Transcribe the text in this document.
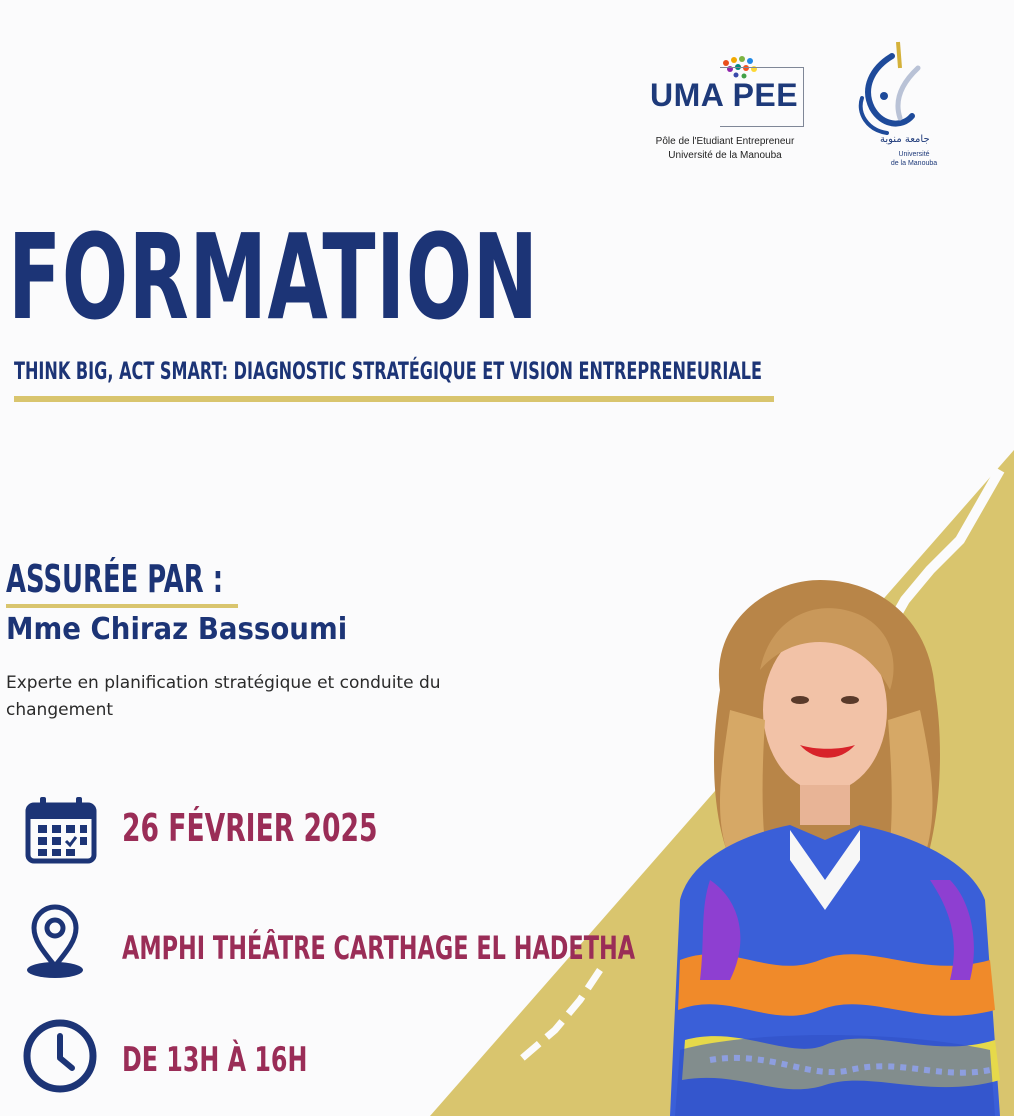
UMA PEE
Pôle de l'Etudiant Entrepreneur
Université de la Manouba
جامعة منوبة
Université
de la Manouba
FORMATION
THINK BIG, ACT SMART: DIAGNOSTIC STRATÉGIQUE ET VISION ENTREPRENEURIALE
ASSURÉE PAR :
Mme Chiraz Bassoumi
Experte en planification stratégique et conduite du changement
26 FÉVRIER 2025
AMPHI THÉÂTRE CARTHAGE EL HADETHA
DE 13H À 16H
